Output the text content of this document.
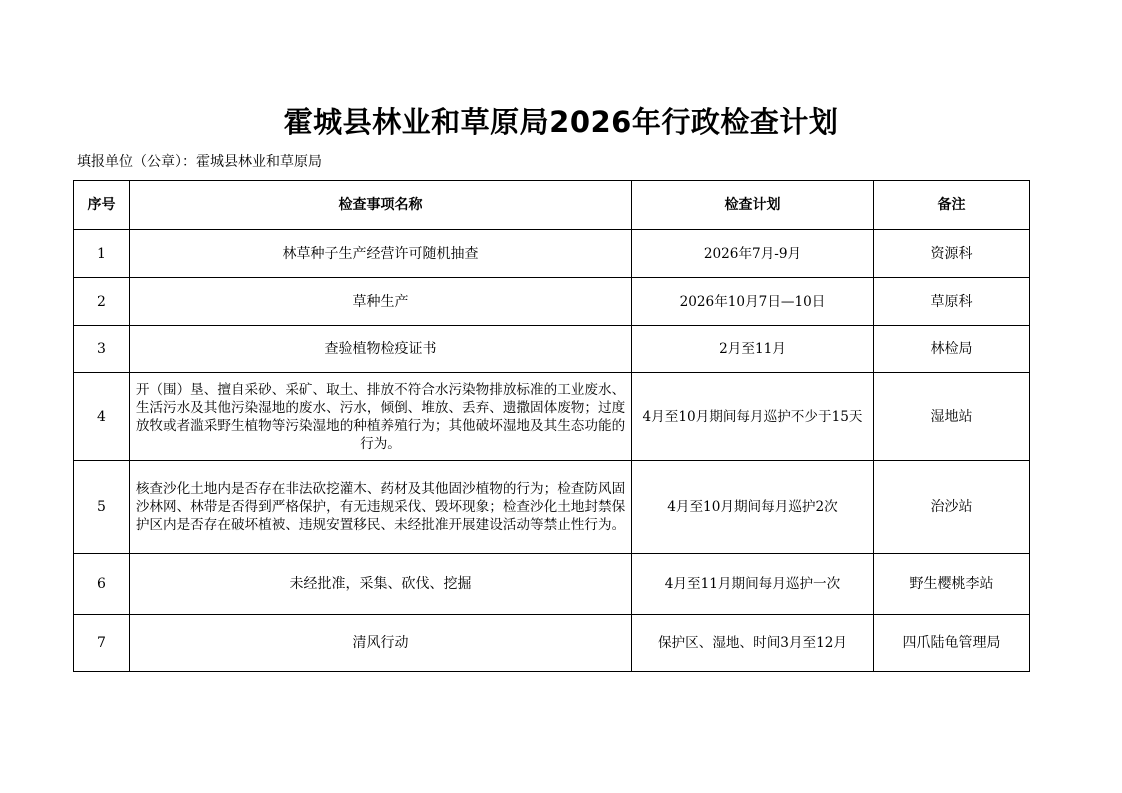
霍城县林业和草原局2026年行政检查计划
填报单位（公章）：霍城县林业和草原局
序号	检查事项名称	检查计划	备注
1	林草种子生产经营许可随机抽查	2026年7月-9月	资源科
2	草种生产	2026年10月7日—10日	草原科
3	查验植物检疫证书	2月至11月	林检局
4	开（围）垦、擅自采砂、采矿、取土、排放不符合水污染物排放标准的工业废水、生活污水及其他污染湿地的废水、污水，倾倒、堆放、丢弃、遗撒固体废物；过度放牧或者滥采野生植物等污染湿地的种植养殖行为；其他破坏湿地及其生态功能的行为。	4月至10月期间每月巡护不少于15天	湿地站
5	核查沙化土地内是否存在非法砍挖灌木、药材及其他固沙植物的行为；检查防风固沙林网、林带是否得到严格保护，有无违规采伐、毁坏现象；检查沙化土地封禁保护区内是否存在破坏植被、违规安置移民、未经批准开展建设活动等禁止性行为。	4月至10月期间每月巡护2次	治沙站
6	未经批准，采集、砍伐、挖掘	4月至11月期间每月巡护一次	野生樱桃李站
7	清风行动	保护区、湿地、时间3月至12月	四爪陆龟管理局
